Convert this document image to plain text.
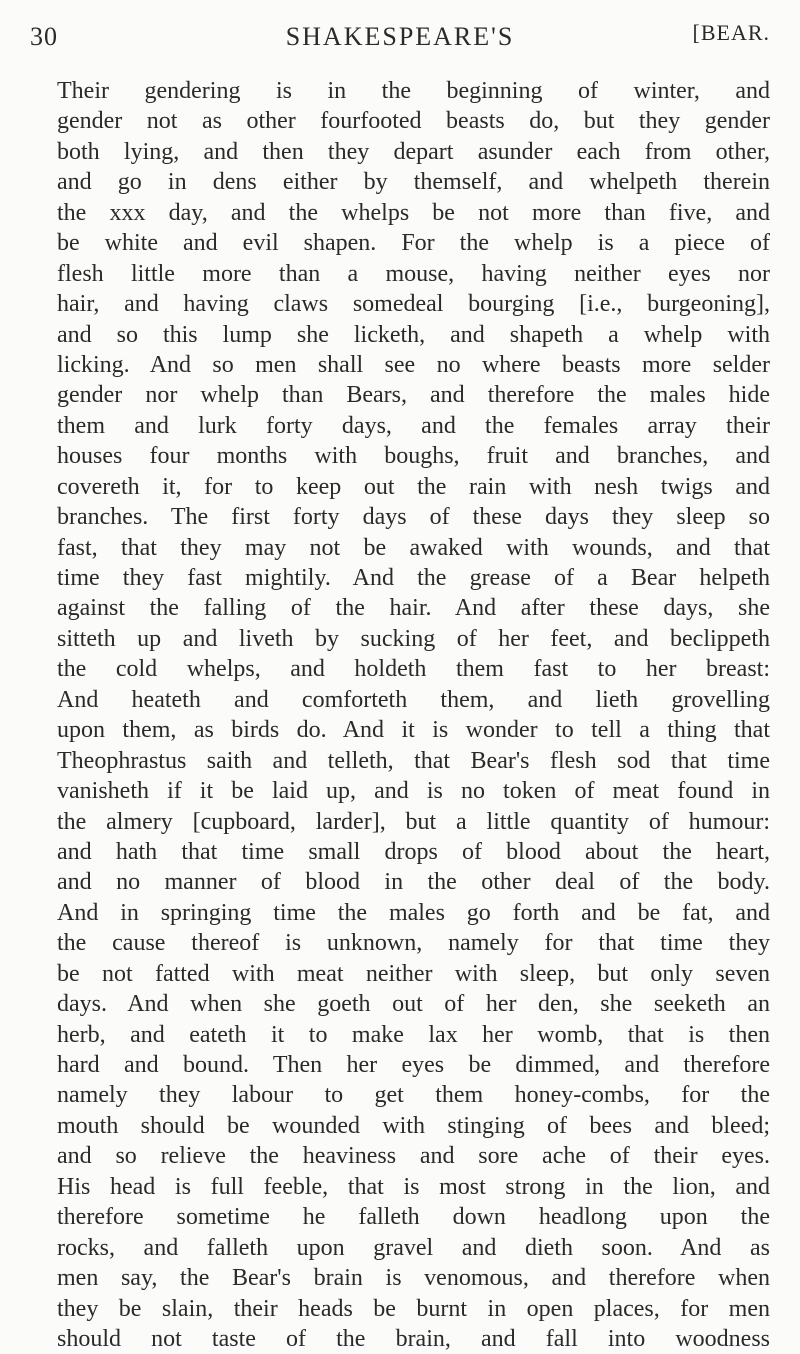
30	SHAKESPEARE'S	[BEAR.
Their gendering is in the beginning of winter, and
gender not as other fourfooted beasts do, but they gender
both lying, and then they depart asunder each from other,
and go in dens either by themself, and whelpeth therein
the xxx day, and the whelps be not more than five, and
be white and evil shapen. For the whelp is a piece of
flesh little more than a mouse, having neither eyes nor
hair, and having claws somedeal bourging [i.e., burgeoning],
and so this lump she licketh, and shapeth a whelp with
licking. And so men shall see no where beasts more selder
gender nor whelp than Bears, and therefore the males hide
them and lurk forty days, and the females array their
houses four months with boughs, fruit and branches, and
covereth it, for to keep out the rain with nesh twigs and
branches. The first forty days of these days they sleep so
fast, that they may not be awaked with wounds, and that
time they fast mightily. And the grease of a Bear helpeth
against the falling of the hair. And after these days, she
sitteth up and liveth by sucking of her feet, and beclippeth
the cold whelps, and holdeth them fast to her breast:
And heateth and comforteth them, and lieth grovelling
upon them, as birds do. And it is wonder to tell a thing that
Theophrastus saith and telleth, that Bear's flesh sod that time
vanisheth if it be laid up, and is no token of meat found in
the almery [cupboard, larder], but a little quantity of humour:
and hath that time small drops of blood about the heart,
and no manner of blood in the other deal of the body.
And in springing time the males go forth and be fat, and
the cause thereof is unknown, namely for that time they
be not fatted with meat neither with sleep, but only seven
days. And when she goeth out of her den, she seeketh an
herb, and eateth it to make lax her womb, that is then
hard and bound. Then her eyes be dimmed, and therefore
namely they labour to get them honey-combs, for the
mouth should be wounded with stinging of bees and bleed;
and so relieve the heaviness and sore ache of their eyes.
His head is full feeble, that is most strong in the lion, and
therefore sometime he falleth down headlong upon the
rocks, and falleth upon gravel and dieth soon. And as
men say, the Bear's brain is venomous, and therefore when
they be slain, their heads be burnt in open places, for men
should not taste of the brain, and fall into woodness
